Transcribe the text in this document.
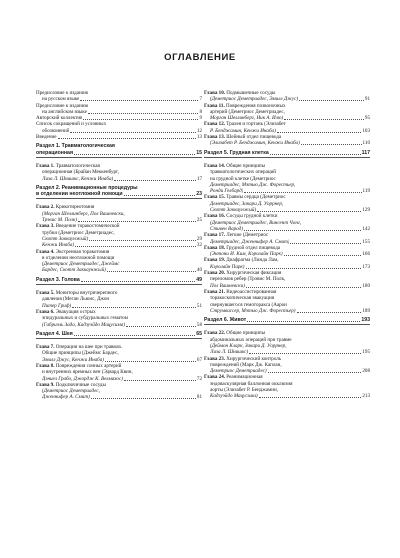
ОГЛАВЛЕНИЕ
Предисловие к изданию
на русском языке	7
Предисловие к изданию
на английском языке	8
Авторский коллектив	9
Список сокращений и условных
обозначений	12
Введение	13
Раздел 1. Травматологическая
операционная	15
Глава 1. Травматологическая
операционная (Брайан Меккенбург,
Лиза Л. Шнишкс, Кенжи Инаба)	17
Раздел 2. Реанимационные процедуры
в отделении неотложной помощи	23
Глава 2. Крикотиреотомия
(Морган Шеллинберг, Пол Вашневски,
Трэвис М. Полк)	25
Глава 3. Введение торакостомической
трубки (Деметриос Деметриадес,
Скотт Заккаунжый)	29
Кенжи Инаба)	32
Глава 4. Экстренная торакотомия
в отделении неотложной помощи
(Деметриос Деметриадес, Джеймс
Бардес, Скотт Заккаунжый)	40
Раздел 3. Голова	49
Глава 5. Мониторы внутричерепного
давления (Меган Льюис, Джон
Питер Гриф)	51
Глава 6. Эвакуация острых
эпидуральных и субдуральных гематом
(Габриэль Зада, Кадзуэйдо Мацусима)	58
Раздел 4. Шея	65
Глава 7. Операции на шее при травмах.
Общие принципы (Джеймс Бардес,
Эмилл Джус, Кенжи Инаба)	67
Глава 8. Повреждения сонных артерий
и внутренних яремных вен (Эдвард Квин,
Дэниел Грабо, Джордж К. Велмахос)	72
Глава 9. Подключичные сосуды
(Деметриос Деметриадес,
Дженнифер А. Смит)	81
Глава 10. Подмышечные сосуды
(Деметриос Деметриадес, Эмилл Джус)	91
Глава 11. Повреждения позвоночных
артерий (Деметриос Деметриадес,
Морган Шеллинберг, Ник А. Илю)	95
Глава 12. Трахея и гортань (Элизабет
Р. Бенджамин, Кенжи Инаба)	103
Глава 13. Шейный отдел пищевода
(Элизабет Р. Бенджамин, Кенжи Инаба)	110
Раздел 5. Грудная клетка	117
Глава 14. Общие принципы
травматологических операций
на грудной клетке (Деметриос
Деметриадес, Мэтью Дж. Форестьер,
Ронди Гелбард)	119
Глава 15. Травмы сердца (Деметриос
Деметриадес, Закари Д. Уоррнер,
Скотт Заккаунжый)	129
Глава 16. Сосуды грудной клетки
(Деметриос Деметриадес, Винсент Чонг,
Стивен Варод)	142
Глава 17. Легкие (Деметриос
Деметриадес, Дженнифер А. Смит)	155
Глава 18. Грудной отдел пищевода
(Энтони И. Ким, Кэролайн Парк)	166
Глава 19. Диафрагма (Линда Лам,
Кэролайн Парк)	173
Глава 20. Хирургическая фиксация
переломов ребер (Трэвис М. Полк,
Пол Вашневски)	180
Глава 21. Видеоассистированная
торакоскопическая эвакуация
свернувшегося гемоторакса (Аарон
Струмвассер, Мэтью Дж. Форестьер)	189
Раздел 6. Живот	193
Глава 22. Общие принципы
абдоминальных операций при травме
(Деймон Кларк, Закари Д. Уоррнер,
Лиза Л. Шнишкс)	195
Глава 23. Хирургический контроль
повреждений (Марк Дж. Каплан,
Деметриос Деметриадес)	208
Глава 24. Реанимационная
эндоваскулярная баллонная окклюзия
аорты (Элизабет Р. Бенджамин,
Кадзуэйдо Мацусима)	213
